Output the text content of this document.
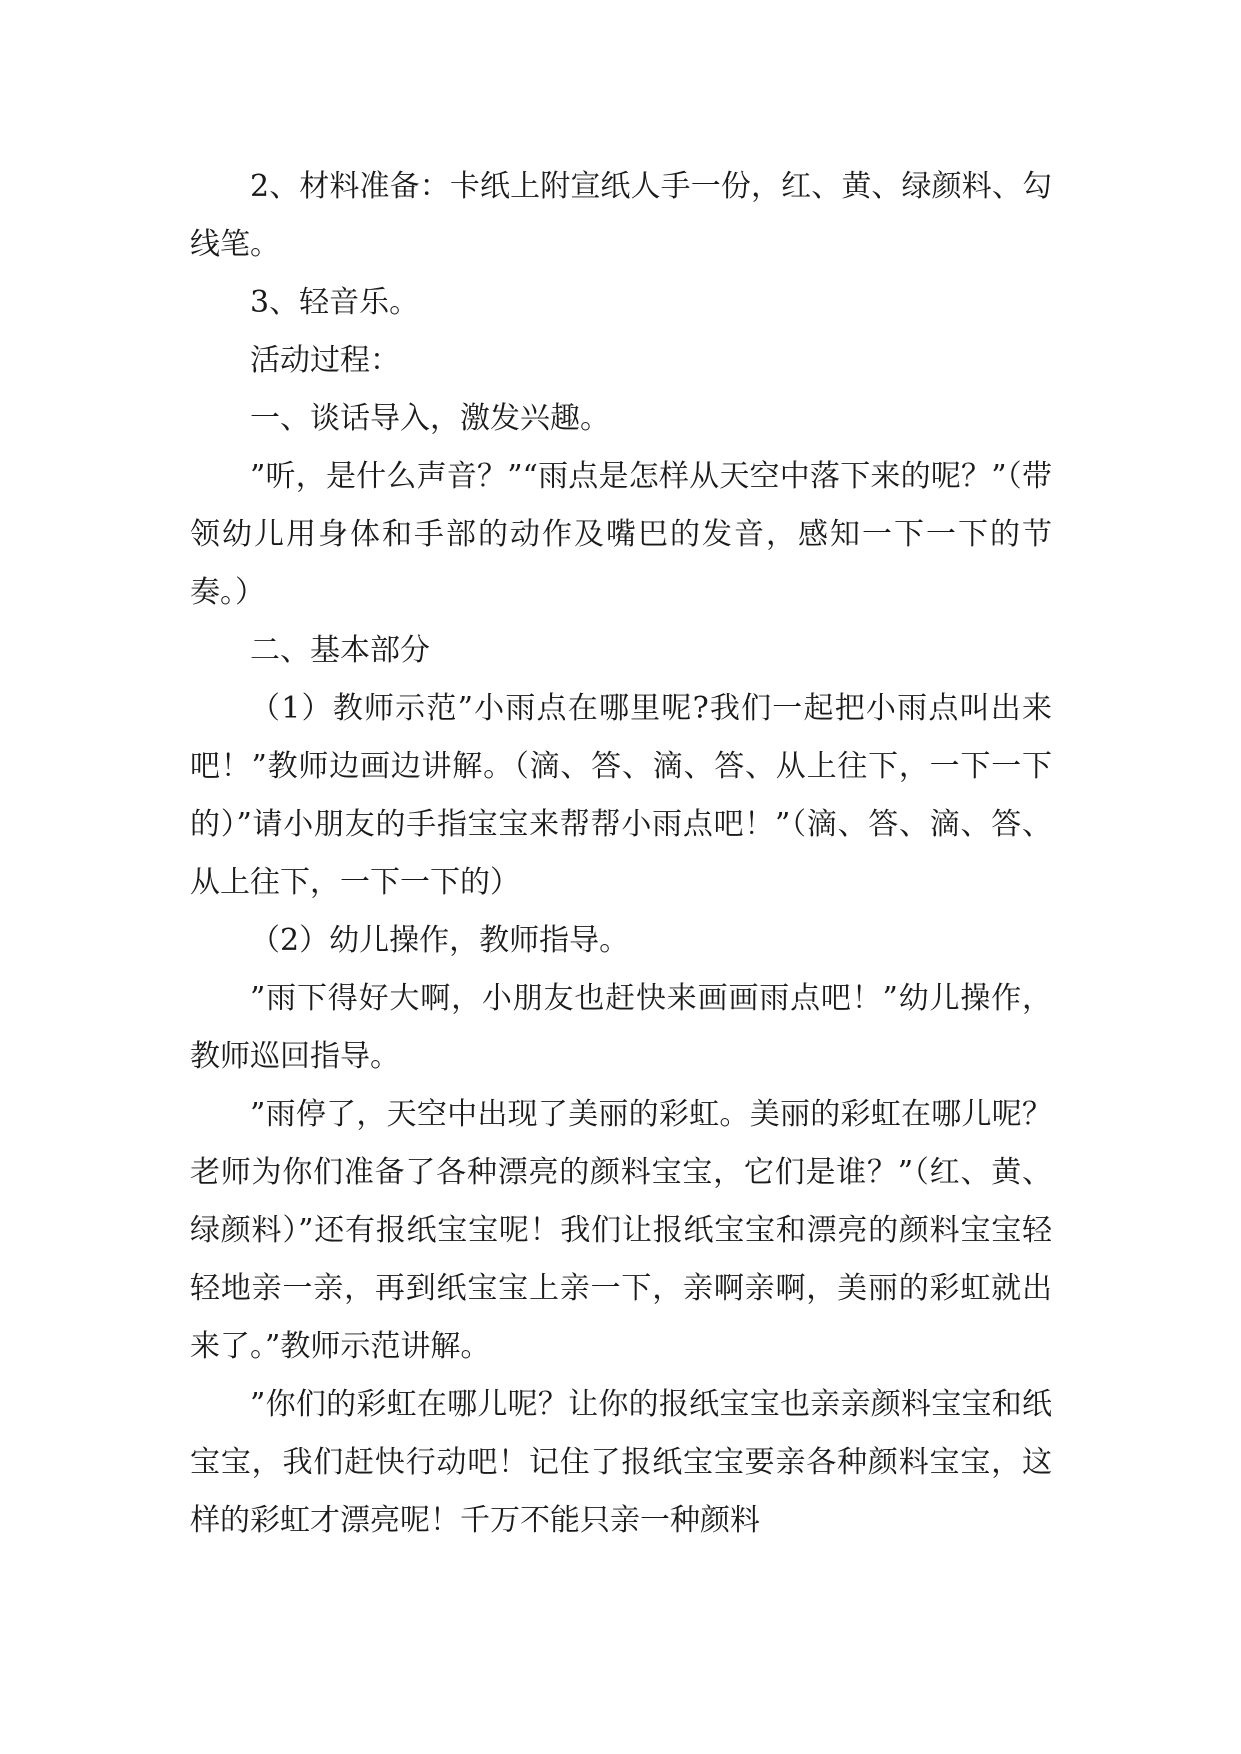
2、材料准备：卡纸上附宣纸人手一份，红、黄、绿颜料、勾线笔。

3、轻音乐。

活动过程：

一、谈话导入，激发兴趣。

”听，是什么声音？”“雨点是怎样从天空中落下来的呢？”（带领幼儿用身体和手部的动作及嘴巴的发音，感知一下一下的节奏。）

二、基本部分

（1）教师示范”小雨点在哪里呢?我们一起把小雨点叫出来吧！”教师边画边讲解。（滴、答、滴、答、从上往下，一下一下的）”请小朋友的手指宝宝来帮帮小雨点吧！”（滴、答、滴、答、从上往下，一下一下的）

（2）幼儿操作，教师指导。

”雨下得好大啊，小朋友也赶快来画画雨点吧！”幼儿操作，教师巡回指导。

”雨停了，天空中出现了美丽的彩虹。美丽的彩虹在哪儿呢？老师为你们准备了各种漂亮的颜料宝宝，它们是谁？”（红、黄、绿颜料）”还有报纸宝宝呢！我们让报纸宝宝和漂亮的颜料宝宝轻轻地亲一亲，再到纸宝宝上亲一下，亲啊亲啊，美丽的彩虹就出来了。”教师示范讲解。

”你们的彩虹在哪儿呢？让你的报纸宝宝也亲亲颜料宝宝和纸宝宝，我们赶快行动吧！记住了报纸宝宝要亲各种颜料宝宝，这样的彩虹才漂亮呢！千万不能只亲一种颜料
